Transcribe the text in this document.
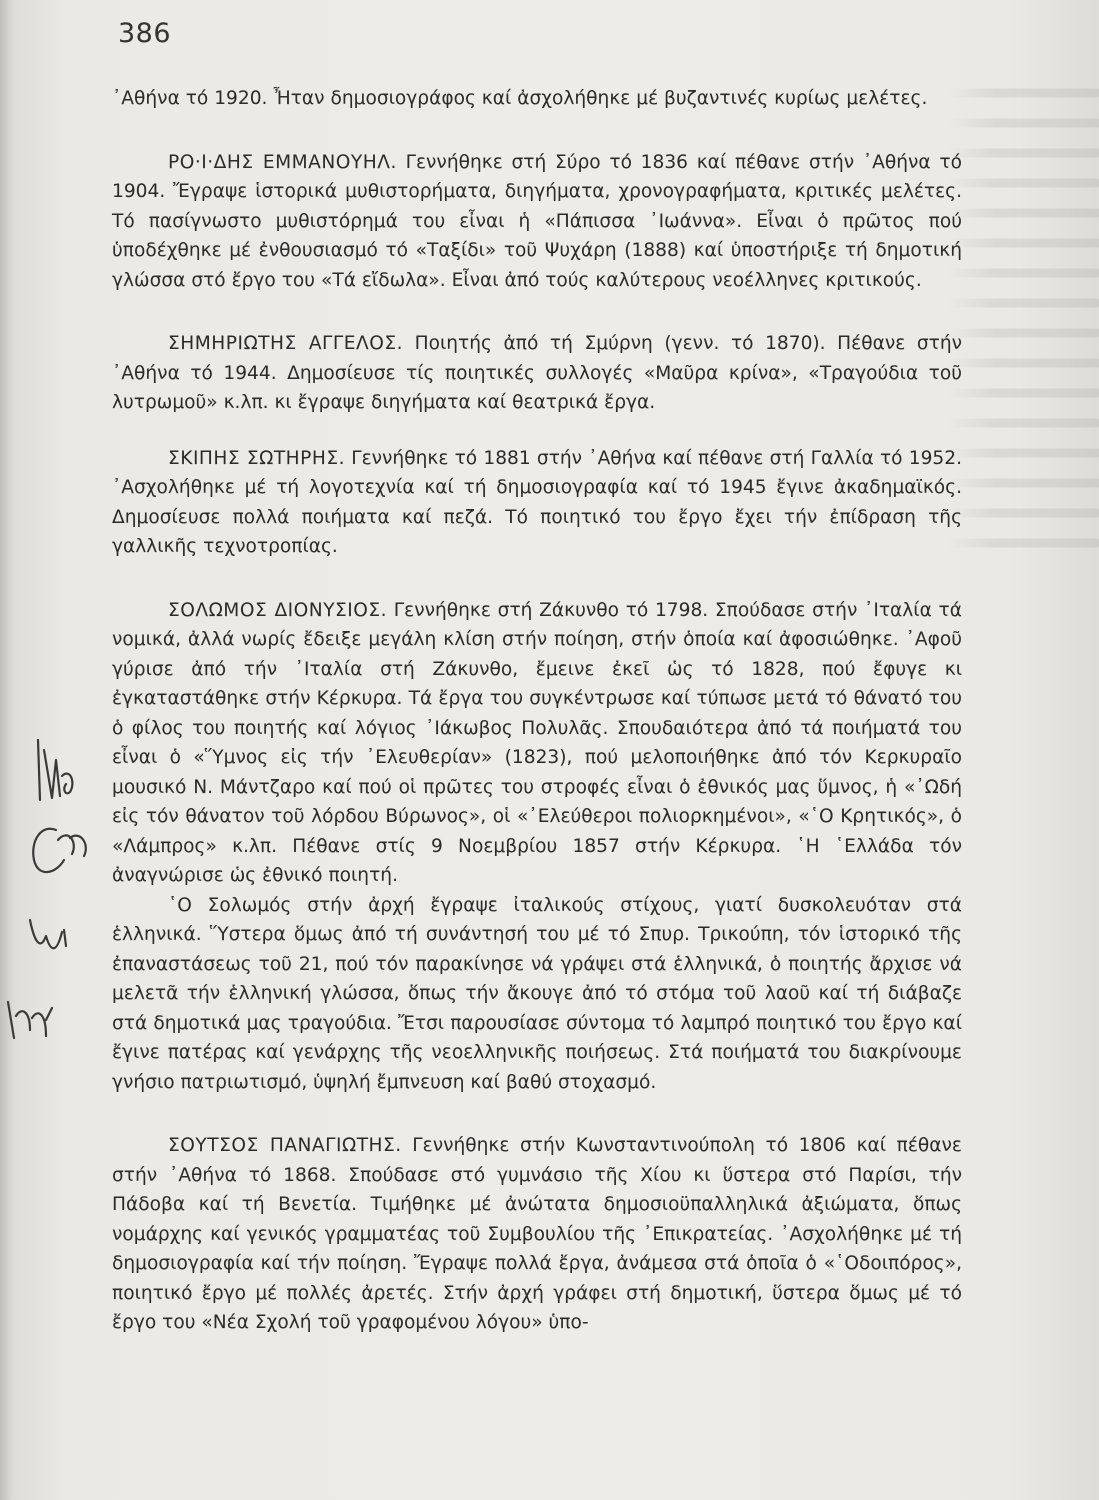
386

᾽Αθήνα τό 1920. Ἦταν δημοσιογράφος καί ἀσχολήθηκε μέ βυζαντινές κυρίως μελέτες.

ΡΟ·Ι·ΔΗΣ ΕΜΜΑΝΟΥΗΛ. Γεννήθηκε στή Σύρο τό 1836 καί πέθανε στήν ᾽Αθήνα τό 1904. Ἔγραψε ἱστορικά μυθιστορήματα, διηγήματα, χρονογραφήματα, κριτικές μελέτες. Τό πασίγνωστο μυθιστόρημά του εἶναι ἡ «Πάπισσα ᾽Ιωάννα». Εἶναι ὁ πρῶτος πού ὑποδέχθηκε μέ ἐνθουσιασμό τό «Ταξίδι» τοῦ Ψυχάρη (1888) καί ὑποστήριξε τή δημοτική γλώσσα στό ἔργο του «Τά εἴδωλα». Εἶναι ἀπό τούς καλύτερους νεοέλληνες κριτικούς.

ΣΗΜΗΡΙΩΤΗΣ ΑΓΓΕΛΟΣ. Ποιητής ἀπό τή Σμύρνη (γενν. τό 1870). Πέθανε στήν ᾽Αθήνα τό 1944. Δημοσίευσε τίς ποιητικές συλλογές «Μαῦρα κρίνα», «Τραγούδια τοῦ λυτρωμοῦ» κ.λπ. κι ἔγραψε διηγήματα καί θεατρικά ἔργα.

ΣΚΙΠΗΣ ΣΩΤΗΡΗΣ. Γεννήθηκε τό 1881 στήν ᾽Αθήνα καί πέθανε στή Γαλλία τό 1952. ᾽Ασχολήθηκε μέ τή λογοτεχνία καί τή δημοσιογραφία καί τό 1945 ἔγινε ἀκαδημαϊκός. Δημοσίευσε πολλά ποιήματα καί πεζά. Τό ποιητικό του ἔργο ἔχει τήν ἐπίδραση τῆς γαλλικῆς τεχνοτροπίας.

ΣΟΛΩΜΟΣ ΔΙΟΝΥΣΙΟΣ. Γεννήθηκε στή Ζάκυνθο τό 1798. Σπούδασε στήν ᾽Ιταλία τά νομικά, ἀλλά νωρίς ἔδειξε μεγάλη κλίση στήν ποίηση, στήν ὁποία καί ἀφοσιώθηκε. ᾽Αφοῦ γύρισε ἀπό τήν ᾽Ιταλία στή Ζάκυνθο, ἔμεινε ἐκεῖ ὡς τό 1828, πού ἔφυγε κι ἐγκαταστάθηκε στήν Κέρκυρα. Τά ἔργα του συγκέντρωσε καί τύπωσε μετά τό θάνατό του ὁ φίλος του ποιητής καί λόγιος ᾽Ιάκωβος Πολυλᾶς. Σπουδαιότερα ἀπό τά ποιήματά του εἶναι ὁ «Ὕμνος εἰς τήν ᾽Ελευθερίαν» (1823), πού μελοποιήθηκε ἀπό τόν Κερκυραῖο μουσικό Ν. Μάντζαρο καί πού οἱ πρῶτες του στροφές εἶναι ὁ ἐθνικός μας ὕμνος, ἡ «᾽Ωδή εἰς τόν θάνατον τοῦ λόρδου Βύρωνος», οἱ «᾽Ελεύθεροι πολιορκημένοι», «῾Ο Κρητικός», ὁ «Λάμπρος» κ.λπ. Πέθανε στίς 9 Νοεμβρίου 1857 στήν Κέρκυρα. ῾Η ῾Ελλάδα τόν ἀναγνώρισε ὡς ἐθνικό ποιητή.

῾Ο Σολωμός στήν ἀρχή ἔγραψε ἰταλικούς στίχους, γιατί δυσκολευόταν στά ἑλληνικά. Ὕστερα ὅμως ἀπό τή συνάντησή του μέ τό Σπυρ. Τρικούπη, τόν ἱστορικό τῆς ἐπαναστάσεως τοῦ 21, πού τόν παρακίνησε νά γράψει στά ἑλληνικά, ὁ ποιητής ἄρχισε νά μελετᾶ τήν ἑλληνική γλώσσα, ὅπως τήν ἄκουγε ἀπό τό στόμα τοῦ λαοῦ καί τή διάβαζε στά δημοτικά μας τραγούδια. Ἔτσι παρουσίασε σύντομα τό λαμπρό ποιητικό του ἔργο καί ἔγινε πατέρας καί γενάρχης τῆς νεοελληνικῆς ποιήσεως. Στά ποιήματά του διακρίνουμε γνήσιο πατριωτισμό, ὑψηλή ἔμπνευση καί βαθύ στοχασμό.

ΣΟΥΤΣΟΣ ΠΑΝΑΓΙΩΤΗΣ. Γεννήθηκε στήν Κωνσταντινούπολη τό 1806 καί πέθανε στήν ᾽Αθήνα τό 1868. Σπούδασε στό γυμνάσιο τῆς Χίου κι ὕστερα στό Παρίσι, τήν Πάδοβα καί τή Βενετία. Τιμήθηκε μέ ἀνώτατα δημοσιοϋπαλληλικά ἀξιώματα, ὅπως νομάρχης καί γενικός γραμματέας τοῦ Συμβουλίου τῆς ᾽Επικρατείας. ᾽Ασχολήθηκε μέ τή δημοσιογραφία καί τήν ποίηση. Ἔγραψε πολλά ἔργα, ἀνάμεσα στά ὁποῖα ὁ «῾Οδοιπόρος», ποιητικό ἔργο μέ πολλές ἀρετές. Στήν ἀρχή γράφει στή δημοτική, ὕστερα ὅμως μέ τό ἔργο του «Νέα Σχολή τοῦ γραφομένου λόγου» ὑπο-
